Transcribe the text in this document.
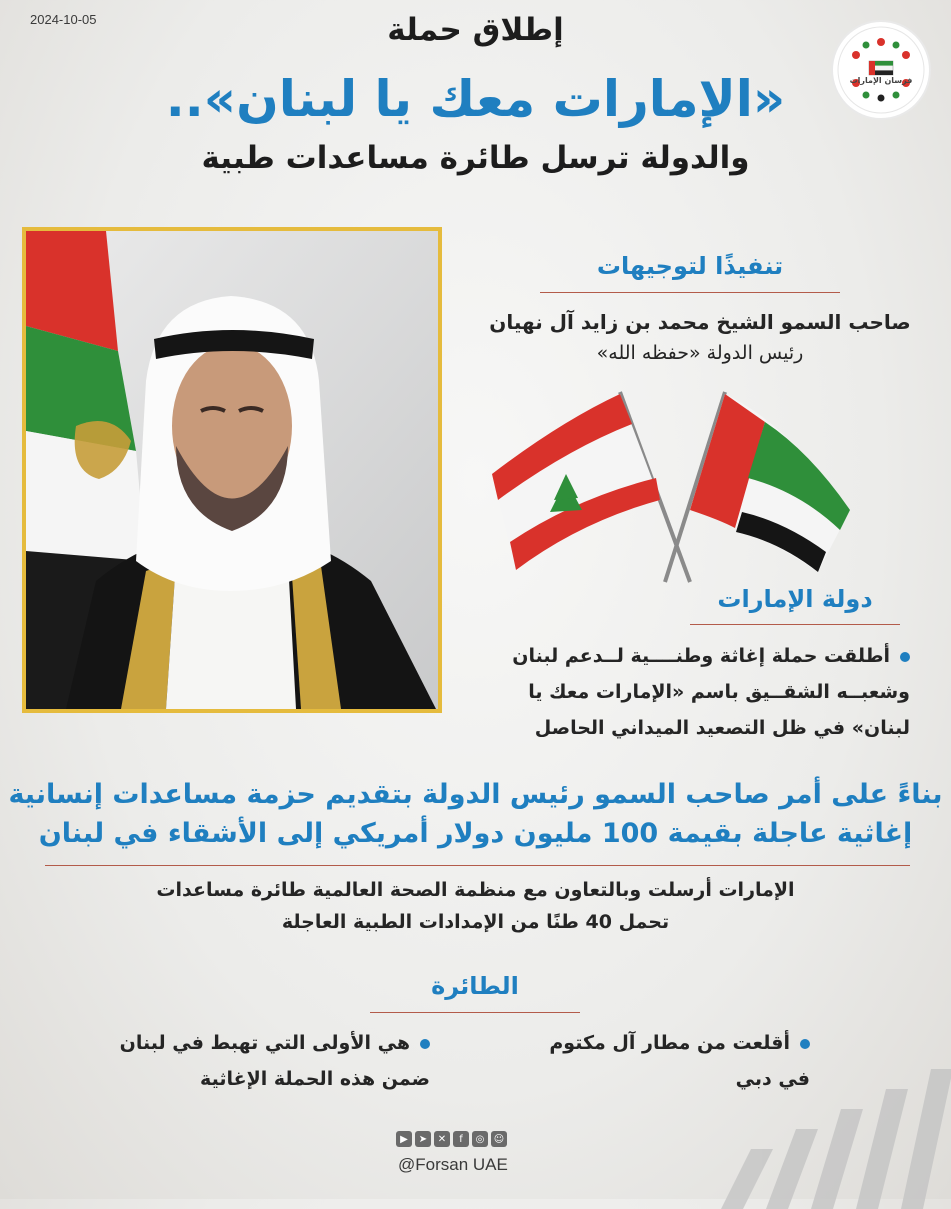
2024-10-05
فرسان الإمارات
إطلاق حملة
«الإمارات معك يا لبنان»..
والدولة ترسل طائرة مساعدات طبية
تنفيذًا لتوجيهات
صاحب السمو الشيخ محمد بن زايد آل نهيان
رئيس الدولة «حفظه الله»
دولة الإمارات
أطلقت حملة إغاثة وطنــــية لــدعم لبنان
وشعبــه الشقــيق باسم «الإمارات معك يا
لبنان» في ظل التصعيد الميداني الحاصل
بناءً على أمر صاحب السمو رئيس الدولة بتقديم حزمة مساعدات إنسانية
إغاثية عاجلة بقيمة 100 مليون دولار أمريكي إلى الأشقاء في لبنان
الإمارات أرسلت وبالتعاون مع منظمة الصحة العالمية طائرة مساعدات
تحمل 40 طنًا من الإمدادات الطبية العاجلة
الطائرة
أقلعت من مطار آل مكتوم
في دبي
هي الأولى التي تهبط في لبنان
ضمن هذه الحملة الإغاثية
▶	➤	✕	f	◎ ☺
@Forsan UAE
